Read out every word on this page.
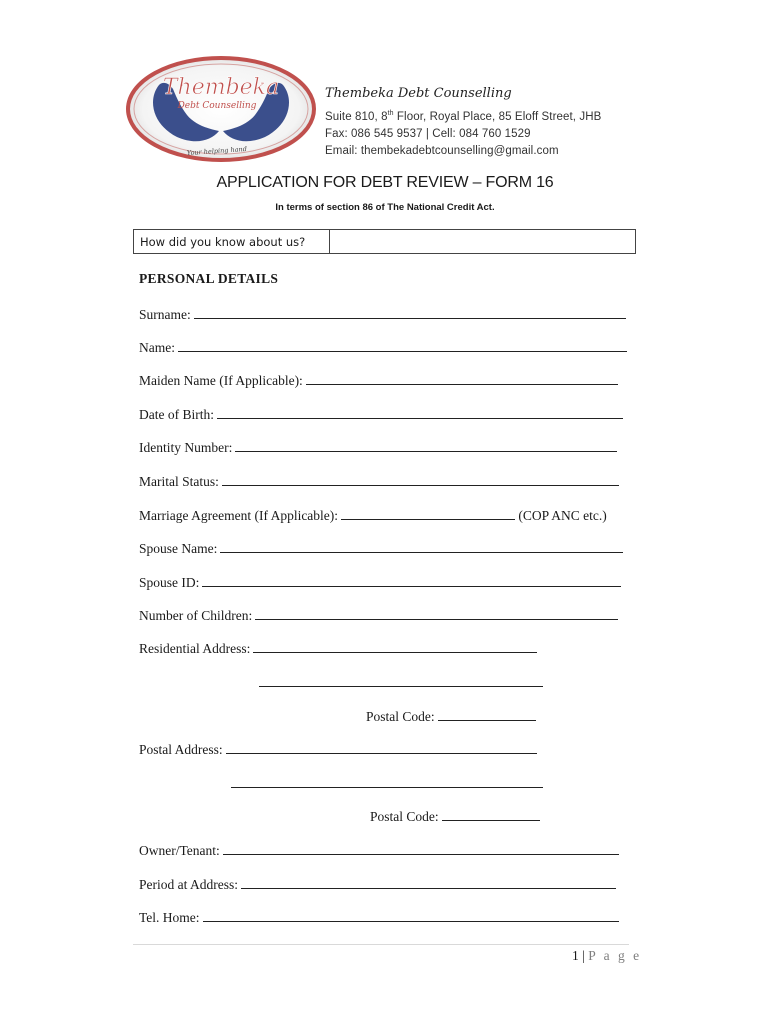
Thembeka
Debt Counselling
Your helping hand
Thembeka Debt Counselling
Suite 810, 8th Floor, Royal Place, 85 Eloff Street, JHB
Fax: 086 545 9537 | Cell: 084 760 1529
Email: thembekadebtcounselling@gmail.com
APPLICATION FOR DEBT REVIEW – FORM 16
In terms of section 86 of The National Credit Act.
How did you know about us?
PERSONAL DETAILS
Surname:
Name:
Maiden Name (If Applicable):
Date of Birth:
Identity Number:
Marital Status:
Marriage Agreement (If Applicable):	(COP ANC etc.)
Spouse Name:
Spouse ID:
Number of Children:
Residential Address:
Postal Code:
Postal Address:
Postal Code:
Owner/Tenant:
Period at Address:
Tel. Home:
1 | P a g e
